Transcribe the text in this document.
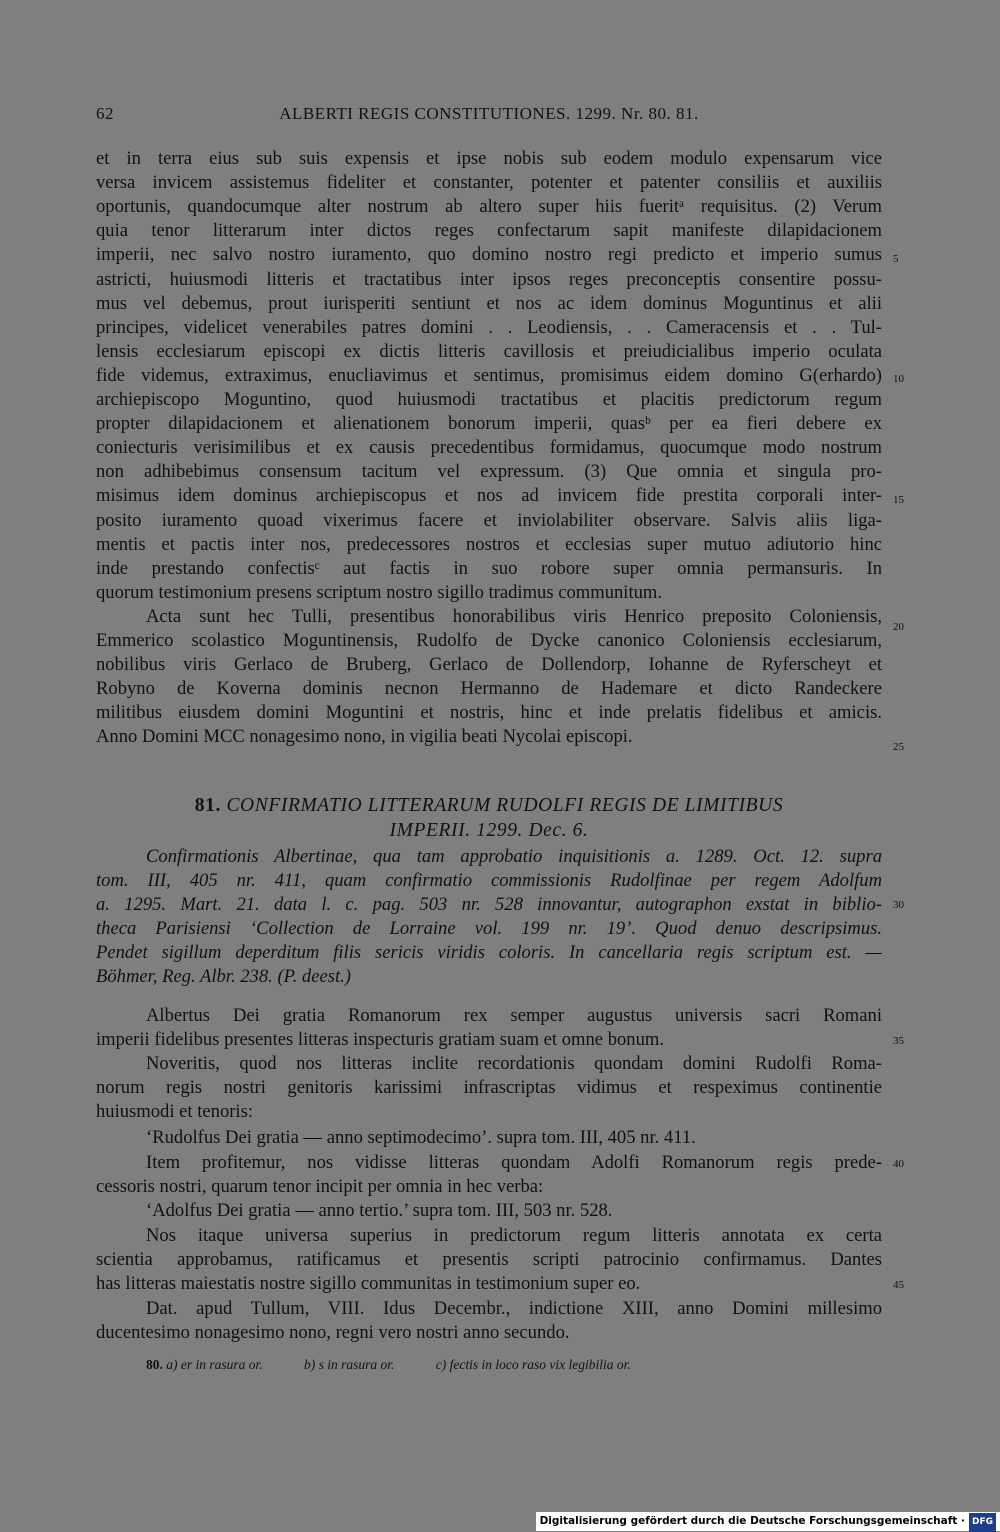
62	ALBERTI REGIS CONSTITUTIONES. 1299. Nr. 80. 81.
81. CONFIRMATIO LITTERARUM RUDOLFI REGIS DE LIMITIBUS
IMPERII. 1299. Dec. 6.
80. a) er in rasura or.	b) s in rasura or.	c) fectis in loco raso vix legibilia or.
Digitalisierung gefördert durch die Deutsche Forschungsgemeinschaft · DFG
et in terra eius sub suis expensis et ipse nobis sub eodem modulo expensarum vice
versa invicem assistemus fideliter et constanter, potenter et patenter consiliis et auxiliis
oportunis, quandocumque alter nostrum ab altero super hiis fueritᵃ requisitus. (2) Verum
quia tenor litterarum inter dictos reges confectarum sapit manifeste dilapidacionem
imperii, nec salvo nostro iuramento, quo domino nostro regi predicto et imperio sumus
astricti, huiusmodi litteris et tractatibus inter ipsos reges preconceptis consentire possu-
mus vel debemus, prout iurisperiti sentiunt et nos ac idem dominus Moguntinus et alii
principes, videlicet venerabiles patres domini . . Leodiensis, . . Cameracensis et . . Tul-
lensis ecclesiarum episcopi ex dictis litteris cavillosis et preiudicialibus imperio oculata
fide videmus, extraximus, enucliavimus et sentimus, promisimus eidem domino G(erhardo)
archiepiscopo Moguntino, quod huiusmodi tractatibus et placitis predictorum regum
propter dilapidacionem et alienationem bonorum imperii, quasᵇ per ea fieri debere ex
coniecturis verisimilibus et ex causis precedentibus formidamus, quocumque modo nostrum
non adhibebimus consensum tacitum vel expressum. (3) Que omnia et singula pro-
misimus idem dominus archiepiscopus et nos ad invicem fide prestita corporali inter-
posito iuramento quoad vixerimus facere et inviolabiliter observare. Salvis aliis liga-
mentis et pactis inter nos, predecessores nostros et ecclesias super mutuo adiutorio hinc
inde prestando confectisᶜ aut factis in suo robore super omnia permansuris. In
quorum testimonium presens scriptum nostro sigillo tradimus communitum.
Acta sunt hec Tulli, presentibus honorabilibus viris Henrico preposito Coloniensis,
Emmerico scolastico Moguntinensis, Rudolfo de Dycke canonico Coloniensis ecclesiarum,
nobilibus viris Gerlaco de Bruberg, Gerlaco de Dollendorp, Iohanne de Ryferscheyt et
Robyno de Koverna dominis necnon Hermanno de Hademare et dicto Randeckere
militibus eiusdem domini Moguntini et nostris, hinc et inde prelatis fidelibus et amicis.
Anno Domini MCC nonagesimo nono, in vigilia beati Nycolai episcopi.
Confirmationis Albertinae, qua tam approbatio inquisitionis a. 1289. Oct. 12. supra
tom. III, 405 nr. 411, quam confirmatio commissionis Rudolfinae per regem Adolfum
a. 1295. Mart. 21. data l. c. pag. 503 nr. 528 innovantur, autographon exstat in biblio-
theca Parisiensi ‘Collection de Lorraine vol. 199 nr. 19’. Quod denuo descripsimus.
Pendet sigillum deperditum filis sericis viridis coloris. In cancellaria regis scriptum est. —
Böhmer, Reg. Albr. 238. (P. deest.)
Albertus Dei gratia Romanorum rex semper augustus universis sacri Romani
imperii fidelibus presentes litteras inspecturis gratiam suam et omne bonum.
Noveritis, quod nos litteras inclite recordationis quondam domini Rudolfi Roma-
norum regis nostri genitoris karissimi infrascriptas vidimus et respeximus continentie
huiusmodi et tenoris:
‘Rudolfus Dei gratia — anno septimodecimo’. supra tom. III, 405 nr. 411.
Item profitemur, nos vidisse litteras quondam Adolfi Romanorum regis prede-
cessoris nostri, quarum tenor incipit per omnia in hec verba:
‘Adolfus Dei gratia — anno tertio.’ supra tom. III, 503 nr. 528.
Nos itaque universa superius in predictorum regum litteris annotata ex certa
scientia approbamus, ratificamus et presentis scripti patrocinio confirmamus. Dantes
has litteras maiestatis nostre sigillo communitas in testimonium super eo.
Dat. apud Tullum, VIII. Idus Decembr., indictione XIII, anno Domini millesimo
ducentesimo nonagesimo nono, regni vero nostri anno secundo.
5
10
15
20
25
30
35
40
45
